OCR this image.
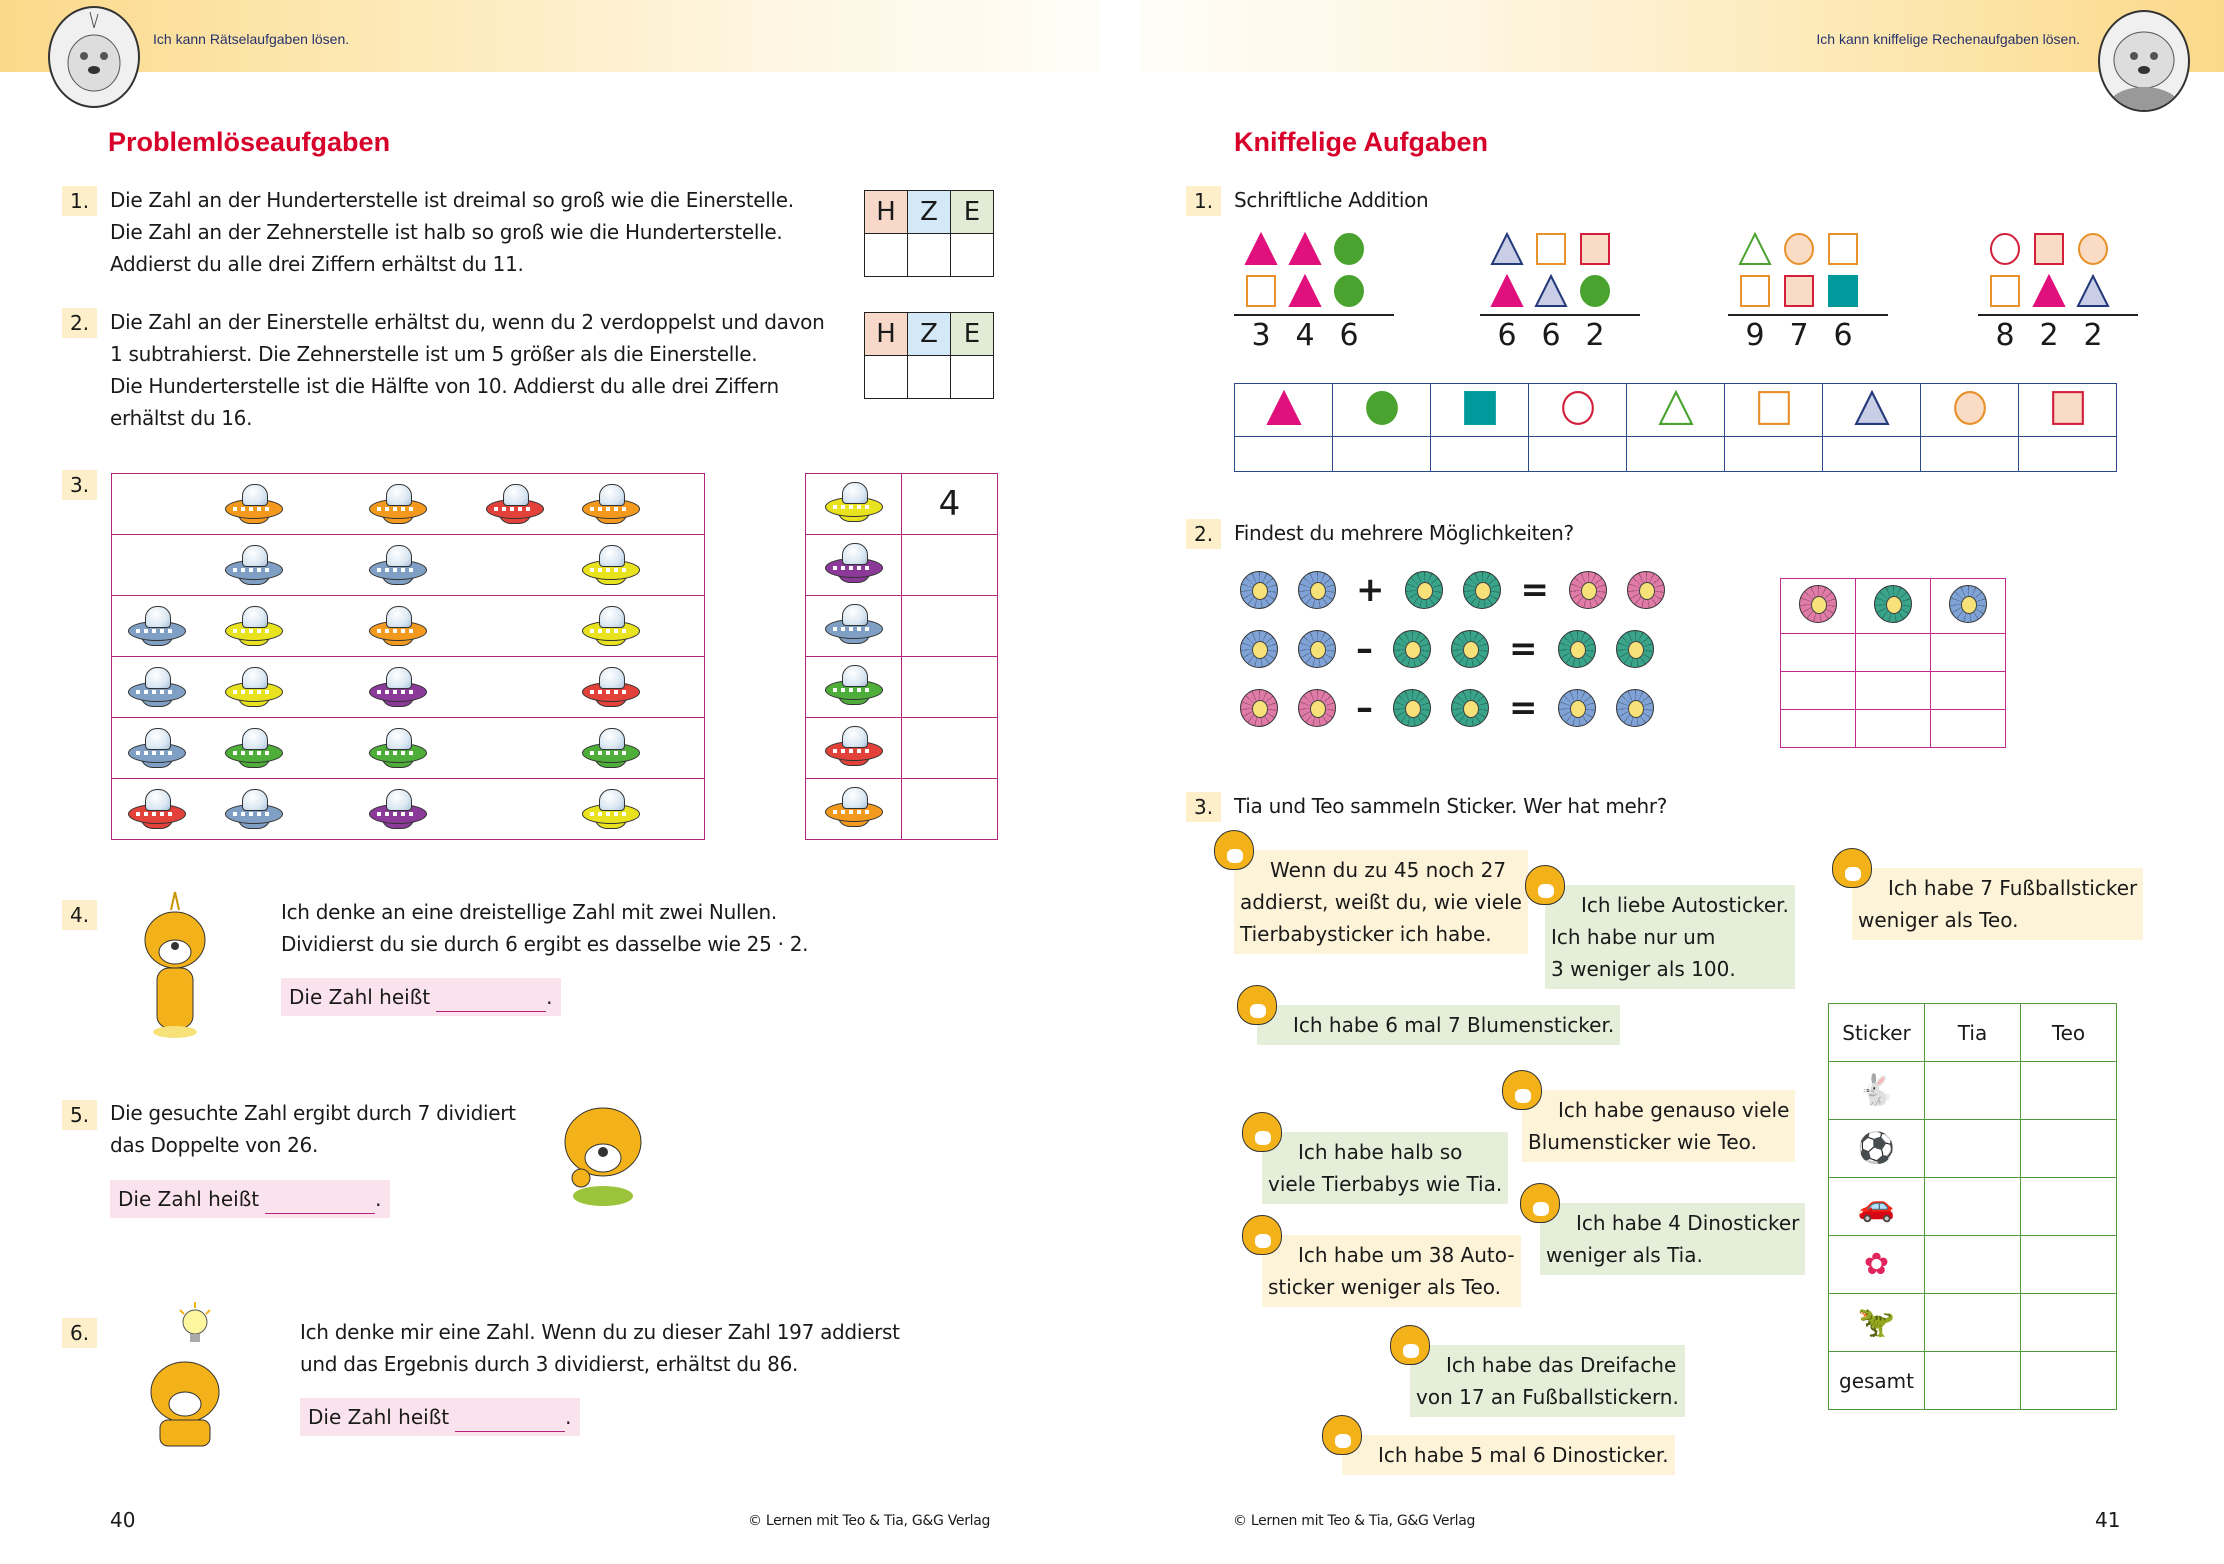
Ich kann Rätselaufgaben lösen.
Problemlöseaufgaben
1.	Die Zahl an der Hunderterstelle ist dreimal so groß wie die Einerstelle.
Die Zahl an der Zehnerstelle ist halb so groß wie die Hunderterstelle.
Addierst du alle drei Ziffern erhältst du 11.
H	Z	E

2.	Die Zahl an der Einerstelle erhältst du, wenn du 2 verdoppelst und davon
1 subtrahierst. Die Zehnerstelle ist um 5 größer als die Einerstelle.
Die Hunderterstelle ist die Hälfte von 10. Addierst du alle drei Ziffern
erhältst du 16.
H	Z	E

3.

		4

4.	Ich denke an eine dreistellige Zahl mit zwei Nullen.
Dividierst du sie durch 6 ergibt es dasselbe wie 25 · 2.
Die Zahl heißt	.
5.	Die gesuchte Zahl ergibt durch 7 dividiert
das Doppelte von 26.
Die Zahl heißt	.
6.	Ich denke mir eine Zahl. Wenn du zu dieser Zahl 197 addierst
und das Ergebnis durch 3 dividierst, erhältst du 86.
Die Zahl heißt	.
40	© Lernen mit Teo & Tia, G&G Verlag
Ich kann kniffelige Rechenaufgaben lösen.
Kniffelige Aufgaben
1.	Schriftliche Addition
3 4 6	6 6 2	9 7 6	8 2 2

2.	Findest du mehrere Möglichkeiten?
+	=
–	=
–	=

3.	Tia und Teo sammeln Sticker. Wer hat mehr?
Wenn du zu 45 noch 27
addierst, weißt du, wie viele
Tierbabysticker ich habe.
Ich liebe Autosticker.
Ich habe nur um
3 weniger als 100.
Ich habe 7 Fußballsticker
weniger als Teo.
Ich habe 6 mal 7 Blumensticker.
Ich habe genauso viele
Blumensticker wie Teo.
Ich habe halb so
viele Tierbabys wie Tia.
Ich habe 4 Dinosticker
weniger als Tia.
Ich habe um 38 Auto-
sticker weniger als Teo.
Ich habe das Dreifache
von 17 an Fußballstickern.
Ich habe 5 mal 6 Dinosticker.
Sticker	Tia	Teo
🐇		
⚽		
🚗		
✿		
🦖		
gesamt		
© Lernen mit Teo & Tia, G&G Verlag	41
